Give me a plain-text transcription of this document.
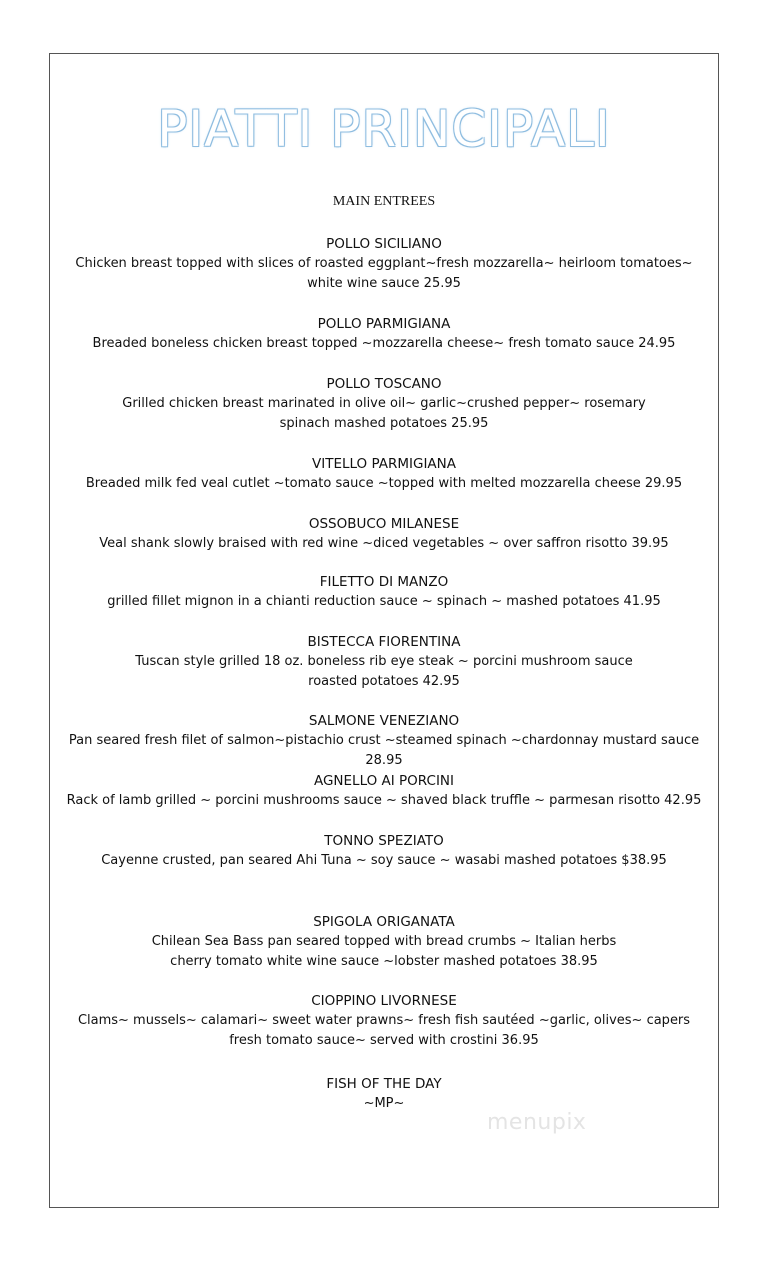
PIATTI PRINCIPALI
MAIN ENTREES
POLLO SICILIANO
Chicken breast topped with slices of roasted eggplant~fresh mozzarella~ heirloom tomatoes~
white wine sauce 25.95
POLLO PARMIGIANA
Breaded boneless chicken breast topped ~mozzarella cheese~ fresh tomato sauce 24.95
POLLO TOSCANO
Grilled chicken breast marinated in olive oil~ garlic~crushed pepper~ rosemary
spinach mashed potatoes 25.95
VITELLO PARMIGIANA
Breaded milk fed veal cutlet ~tomato sauce ~topped with melted mozzarella cheese 29.95
OSSOBUCO MILANESE
Veal shank slowly braised with red wine ~diced vegetables ~ over saffron risotto 39.95
FILETTO DI MANZO
grilled fillet mignon in a chianti reduction sauce ~ spinach ~ mashed potatoes 41.95
BISTECCA FIORENTINA
Tuscan style grilled 18 oz. boneless rib eye steak ~ porcini mushroom sauce
roasted potatoes 42.95
SALMONE VENEZIANO
Pan seared fresh filet of salmon~pistachio crust ~steamed spinach ~chardonnay mustard sauce 28.95
AGNELLO AI PORCINI
Rack of lamb grilled ~ porcini mushrooms sauce ~ shaved black truffle ~ parmesan risotto 42.95
TONNO SPEZIATO
Cayenne crusted, pan seared Ahi Tuna ~ soy sauce ~ wasabi mashed potatoes $38.95
SPIGOLA ORIGANATA
Chilean Sea Bass pan seared topped with bread crumbs ~ Italian herbs
cherry tomato white wine sauce ~lobster mashed potatoes 38.95
CIOPPINO LIVORNESE
Clams~ mussels~ calamari~ sweet water prawns~ fresh fish sautéed ~garlic, olives~ capers
fresh tomato sauce~ served with crostini 36.95
FISH OF THE DAY
~MP~
menupix
